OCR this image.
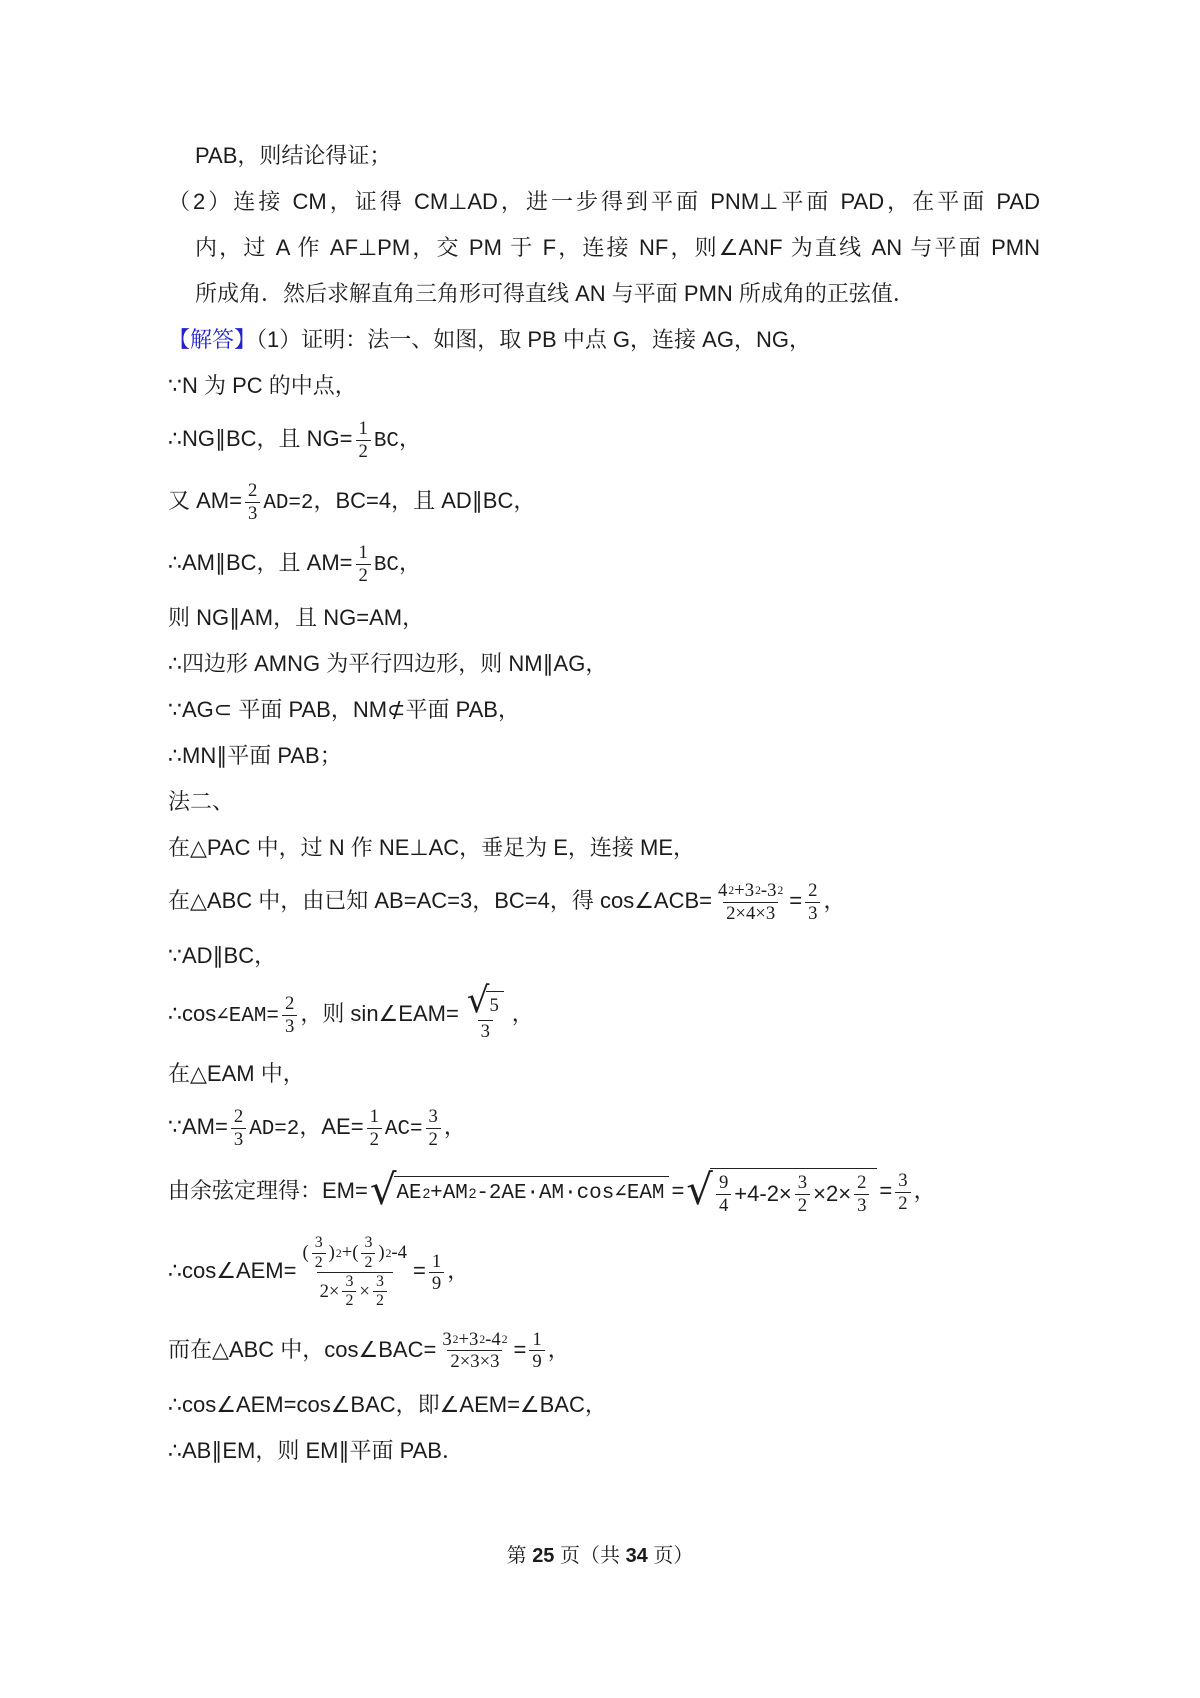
PAB，则结论得证；
（2）连接 CM，证得 CM⊥AD，进一步得到平面 PNM⊥平面 PAD，在平面 PAD
内，过 A 作 AF⊥PM，交 PM 于 F，连接 NF，则∠ANF 为直线 AN 与平面 PMN
所成角．然后求解直角三角形可得直线 AN 与平面 PMN 所成角的正弦值．
【解答】（1）证明：法一、如图，取 PB 中点 G，连接 AG，NG，
∵N 为 PC 的中点，
∴NG∥BC，且 $NG= \frac{1}{2}$ BC，
又 $AM= \frac{2}{3} AD=2$，BC=4，且 AD∥BC，
∴AM∥BC，且 $AM= \frac{1}{2}$ BC，
则 NG∥AM，且 NG=AM，
∴四边形 AMNG 为平行四边形，则 NM∥AG，
∵AG⊂ 平面 PAB，NM⊄平面 PAB，
∴MN∥平面 PAB；
法二、
在△PAC 中，过 N 作 NE⊥AC，垂足为 E，连接 ME，
在△ABC 中，由已知 AB=AC=3，BC=4，得 cos∠ACB= $\frac{4 2 +3 2 -3 2}{2\times 4\times 3} = \frac{2}{3}$ ，
∵AD∥BC，
∴cos∠EAM= $\frac{2}{3}$ ，则 sin∠EAM= $\frac{√ 5}{3}$ ，
在△EAM 中，
∵AM= $\frac{2}{3} AD=2$，$AE= \frac{1}{2} AC= \frac{3}{2}$ ，
由余弦定理得：EM= √ AE 2 +AM 2 -2AE·AM·cos∠EAM = √ $\frac{9}{4} +4-2\times \frac{3}{2} \times 2\times \frac{2}{3} = \frac{3}{2}$ ，
∴cos∠AEM= $\frac{( \frac{3}{2} ) 2 +( \frac{3}{2} ) 2 -4}{2\times \frac{3}{2} \times \frac{3}{2}} = \frac{1}{9}$ ，
而在△ABC 中，cos∠BAC= $\frac{3 2 +3 2 -4 2}{2\times 3\times 3} = \frac{1}{9}$ ，
∴cos∠AEM=cos∠BAC，即∠AEM=∠BAC，
∴AB∥EM，则 EM∥平面 PAB．
第 25 页（共 34 页）
